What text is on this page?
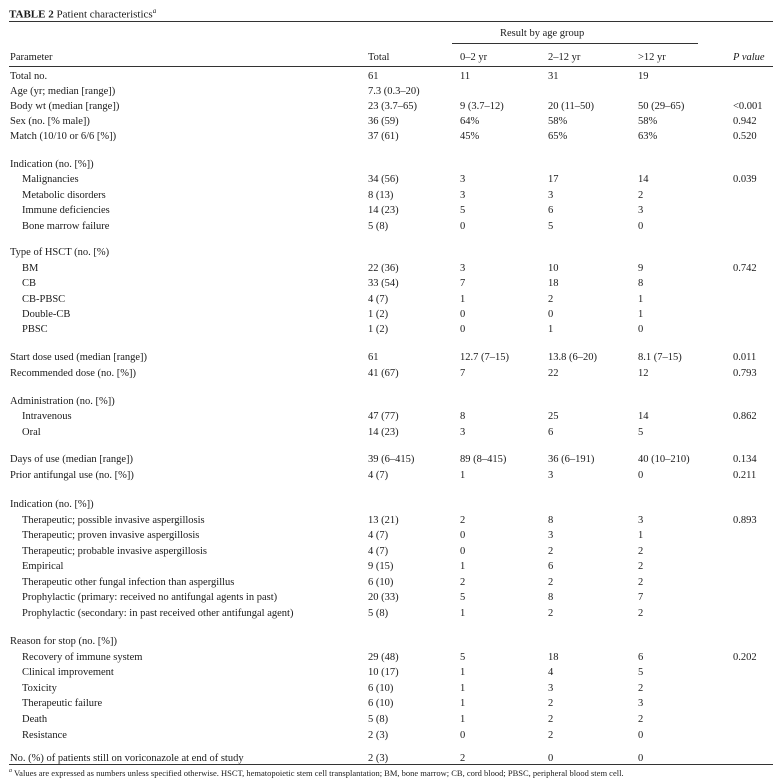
TABLE 2 Patient characteristics$^a$
Result by age group
Parameter	Total	0–2 yr	2–12 yr	>12 yr	P value
Total no.	61	11	31	19
Age (yr; median [range])	7.3 (0.3–20)
Body wt (median [range])	23 (3.7–65)	9 (3.7–12)	20 (11–50)	50 (29–65)	<0.001
Sex (no. [% male])	36 (59)	64%	58%	58%	0.942
Match (10/10 or 6/6 [%])	37 (61)	45%	65%	63%	0.520
Indication (no. [%])
Malignancies	34 (56)	3	17	14	0.039
Metabolic disorders	8 (13)	3	3	2
Immune deficiencies	14 (23)	5	6	3
Bone marrow failure	5 (8)	0	5	0
Type of HSCT (no. [%)
BM	22 (36)	3	10	9	0.742
CB	33 (54)	7	18	8
CB-PBSC	4 (7)	1	2	1
Double-CB	1 (2)	0	0	1
PBSC	1 (2)	0	1	0
Start dose used (median [range])	61	12.7 (7–15)	13.8 (6–20)	8.1 (7–15)	0.011
Recommended dose (no. [%])	41 (67)	7	22	12	0.793
Administration (no. [%])
Intravenous	47 (77)	8	25	14	0.862
Oral	14 (23)	3	6	5
Days of use (median [range])	39 (6–415)	89 (8–415)	36 (6–191)	40 (10–210)	0.134
Prior antifungal use (no. [%])	4 (7)	1	3	0	0.211
Indication (no. [%])
Therapeutic; possible invasive aspergillosis	13 (21)	2	8	3	0.893
Therapeutic; proven invasive aspergillosis	4 (7)	0	3	1
Therapeutic; probable invasive aspergillosis	4 (7)	0	2	2
Empirical	9 (15)	1	6	2
Therapeutic other fungal infection than aspergillus	6 (10)	2	2	2
Prophylactic (primary: received no antifungal agents in past)	20 (33)	5	8	7
Prophylactic (secondary: in past received other antifungal agent)	5 (8)	1	2	2
Reason for stop (no. [%])
Recovery of immune system	29 (48)	5	18	6	0.202
Clinical improvement	10 (17)	1	4	5
Toxicity	6 (10)	1	3	2
Therapeutic failure	6 (10)	1	2	3
Death	5 (8)	1	2	2
Resistance	2 (3)	0	2	0
No. (%) of patients still on voriconazole at end of study	2 (3)	2	0	0
$^a$ Values are expressed as numbers unless specified otherwise. HSCT, hematopoietic stem cell transplantation; BM, bone marrow; CB, cord blood; PBSC, peripheral blood stem cell.
